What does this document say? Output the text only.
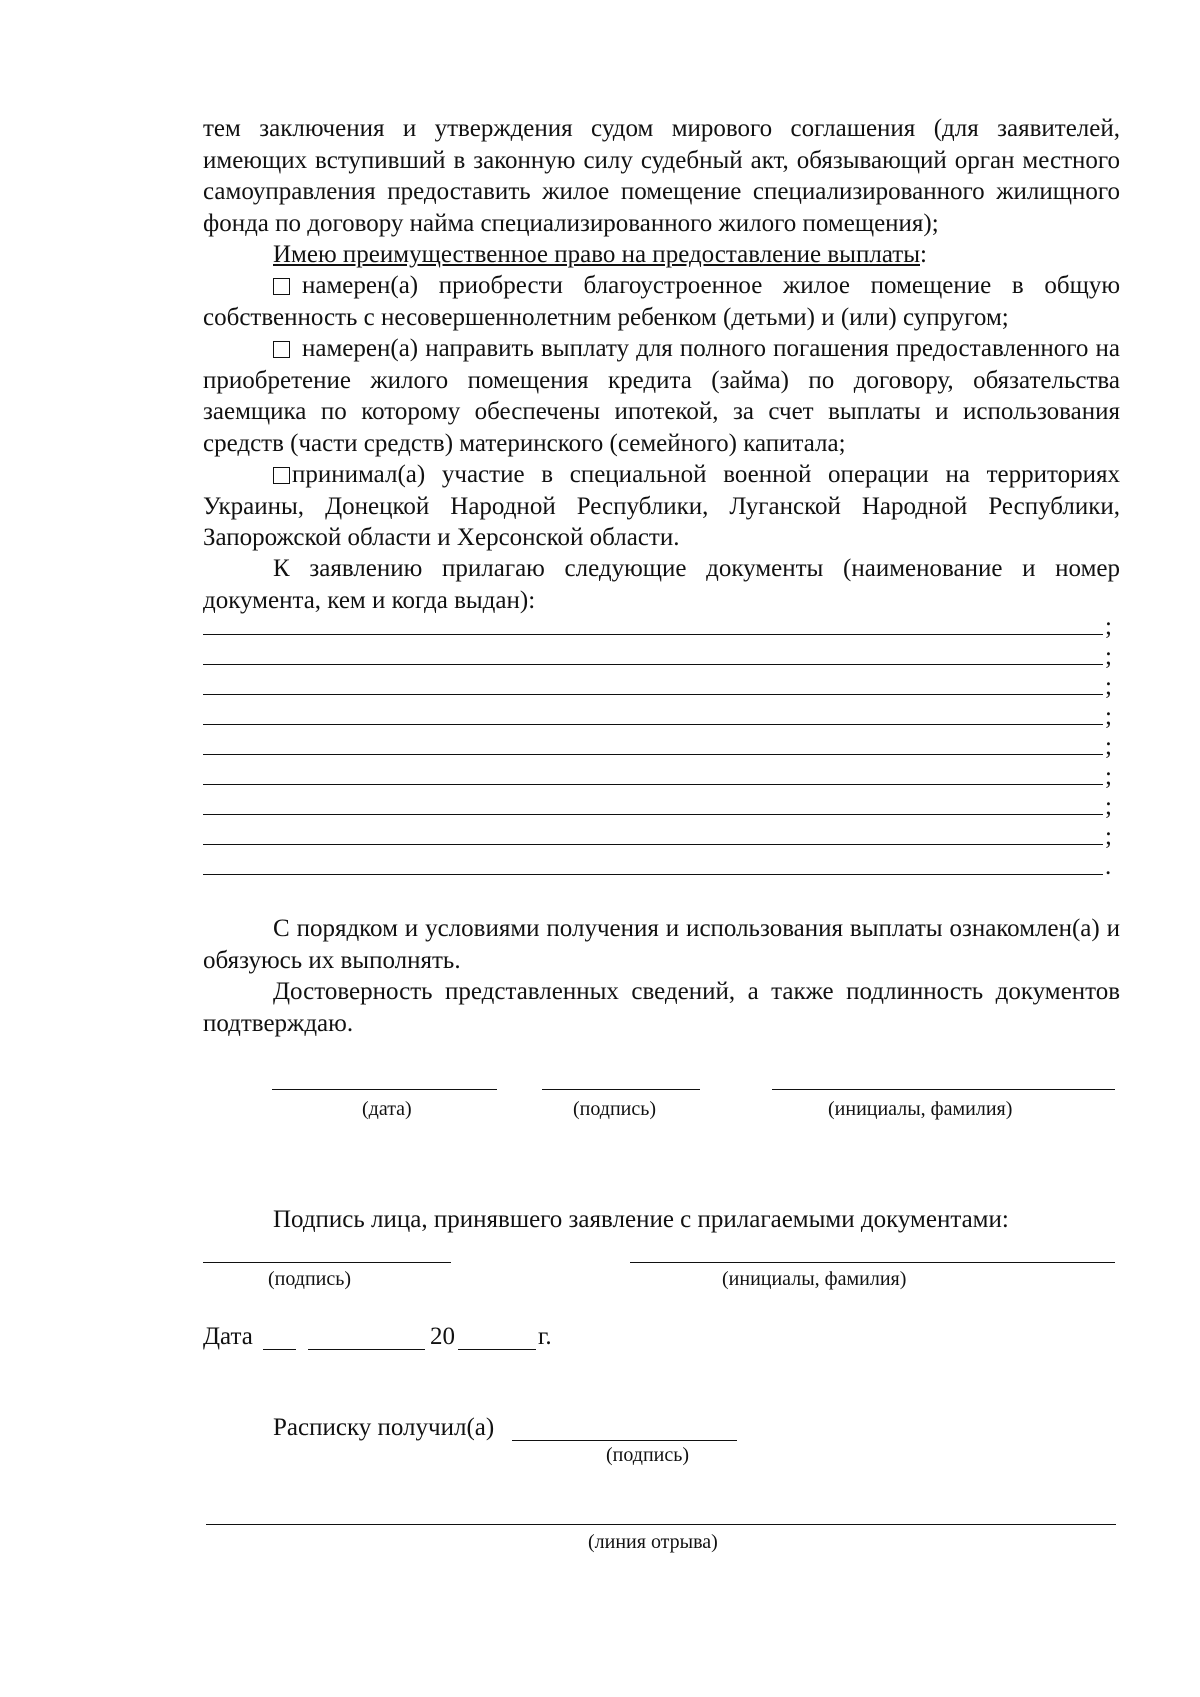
тем заключения и утверждения судом мирового соглашения (для заявителей, имеющих вступивший в законную силу судебный акт, обязывающий орган местного самоуправления предоставить жилое помещение специализированного жилищного фонда по договору найма специализированного жилого помещения);

Имею преимущественное право на предоставление выплаты:

намерен(а) приобрести благоустроенное жилое помещение в общую собственность с несовершеннолетним ребенком (детьми) и (или) супругом;

намерен(а) направить выплату для полного погашения предоставленного на приобретение жилого помещения кредита (займа) по договору, обязательства заемщика по которому обеспечены ипотекой, за счет выплаты и использования средств (части средств) материнского (семейного) капитала;

принимал(а) участие в специальной военной операции на территориях Украины, Донецкой Народной Республики, Луганской Народной Республики, Запорожской области и Херсонской области.

К заявлению прилагаю следующие документы (наименование и номер документа, кем и когда выдан):

;
;
;
;
;
;
;
;
.

С порядком и условиями получения и использования выплаты ознакомлен(а) и обязуюсь их выполнять.

Достоверность представленных сведений, а также подлинность документов подтверждаю.

(дата)	(подпись)	(инициалы, фамилия)
Подпись лица, принявшего заявление с прилагаемыми документами:
(подпись)	(инициалы, фамилия)
Дата	20	г.
Расписку получил(а)
(подпись)
(линия отрыва)
